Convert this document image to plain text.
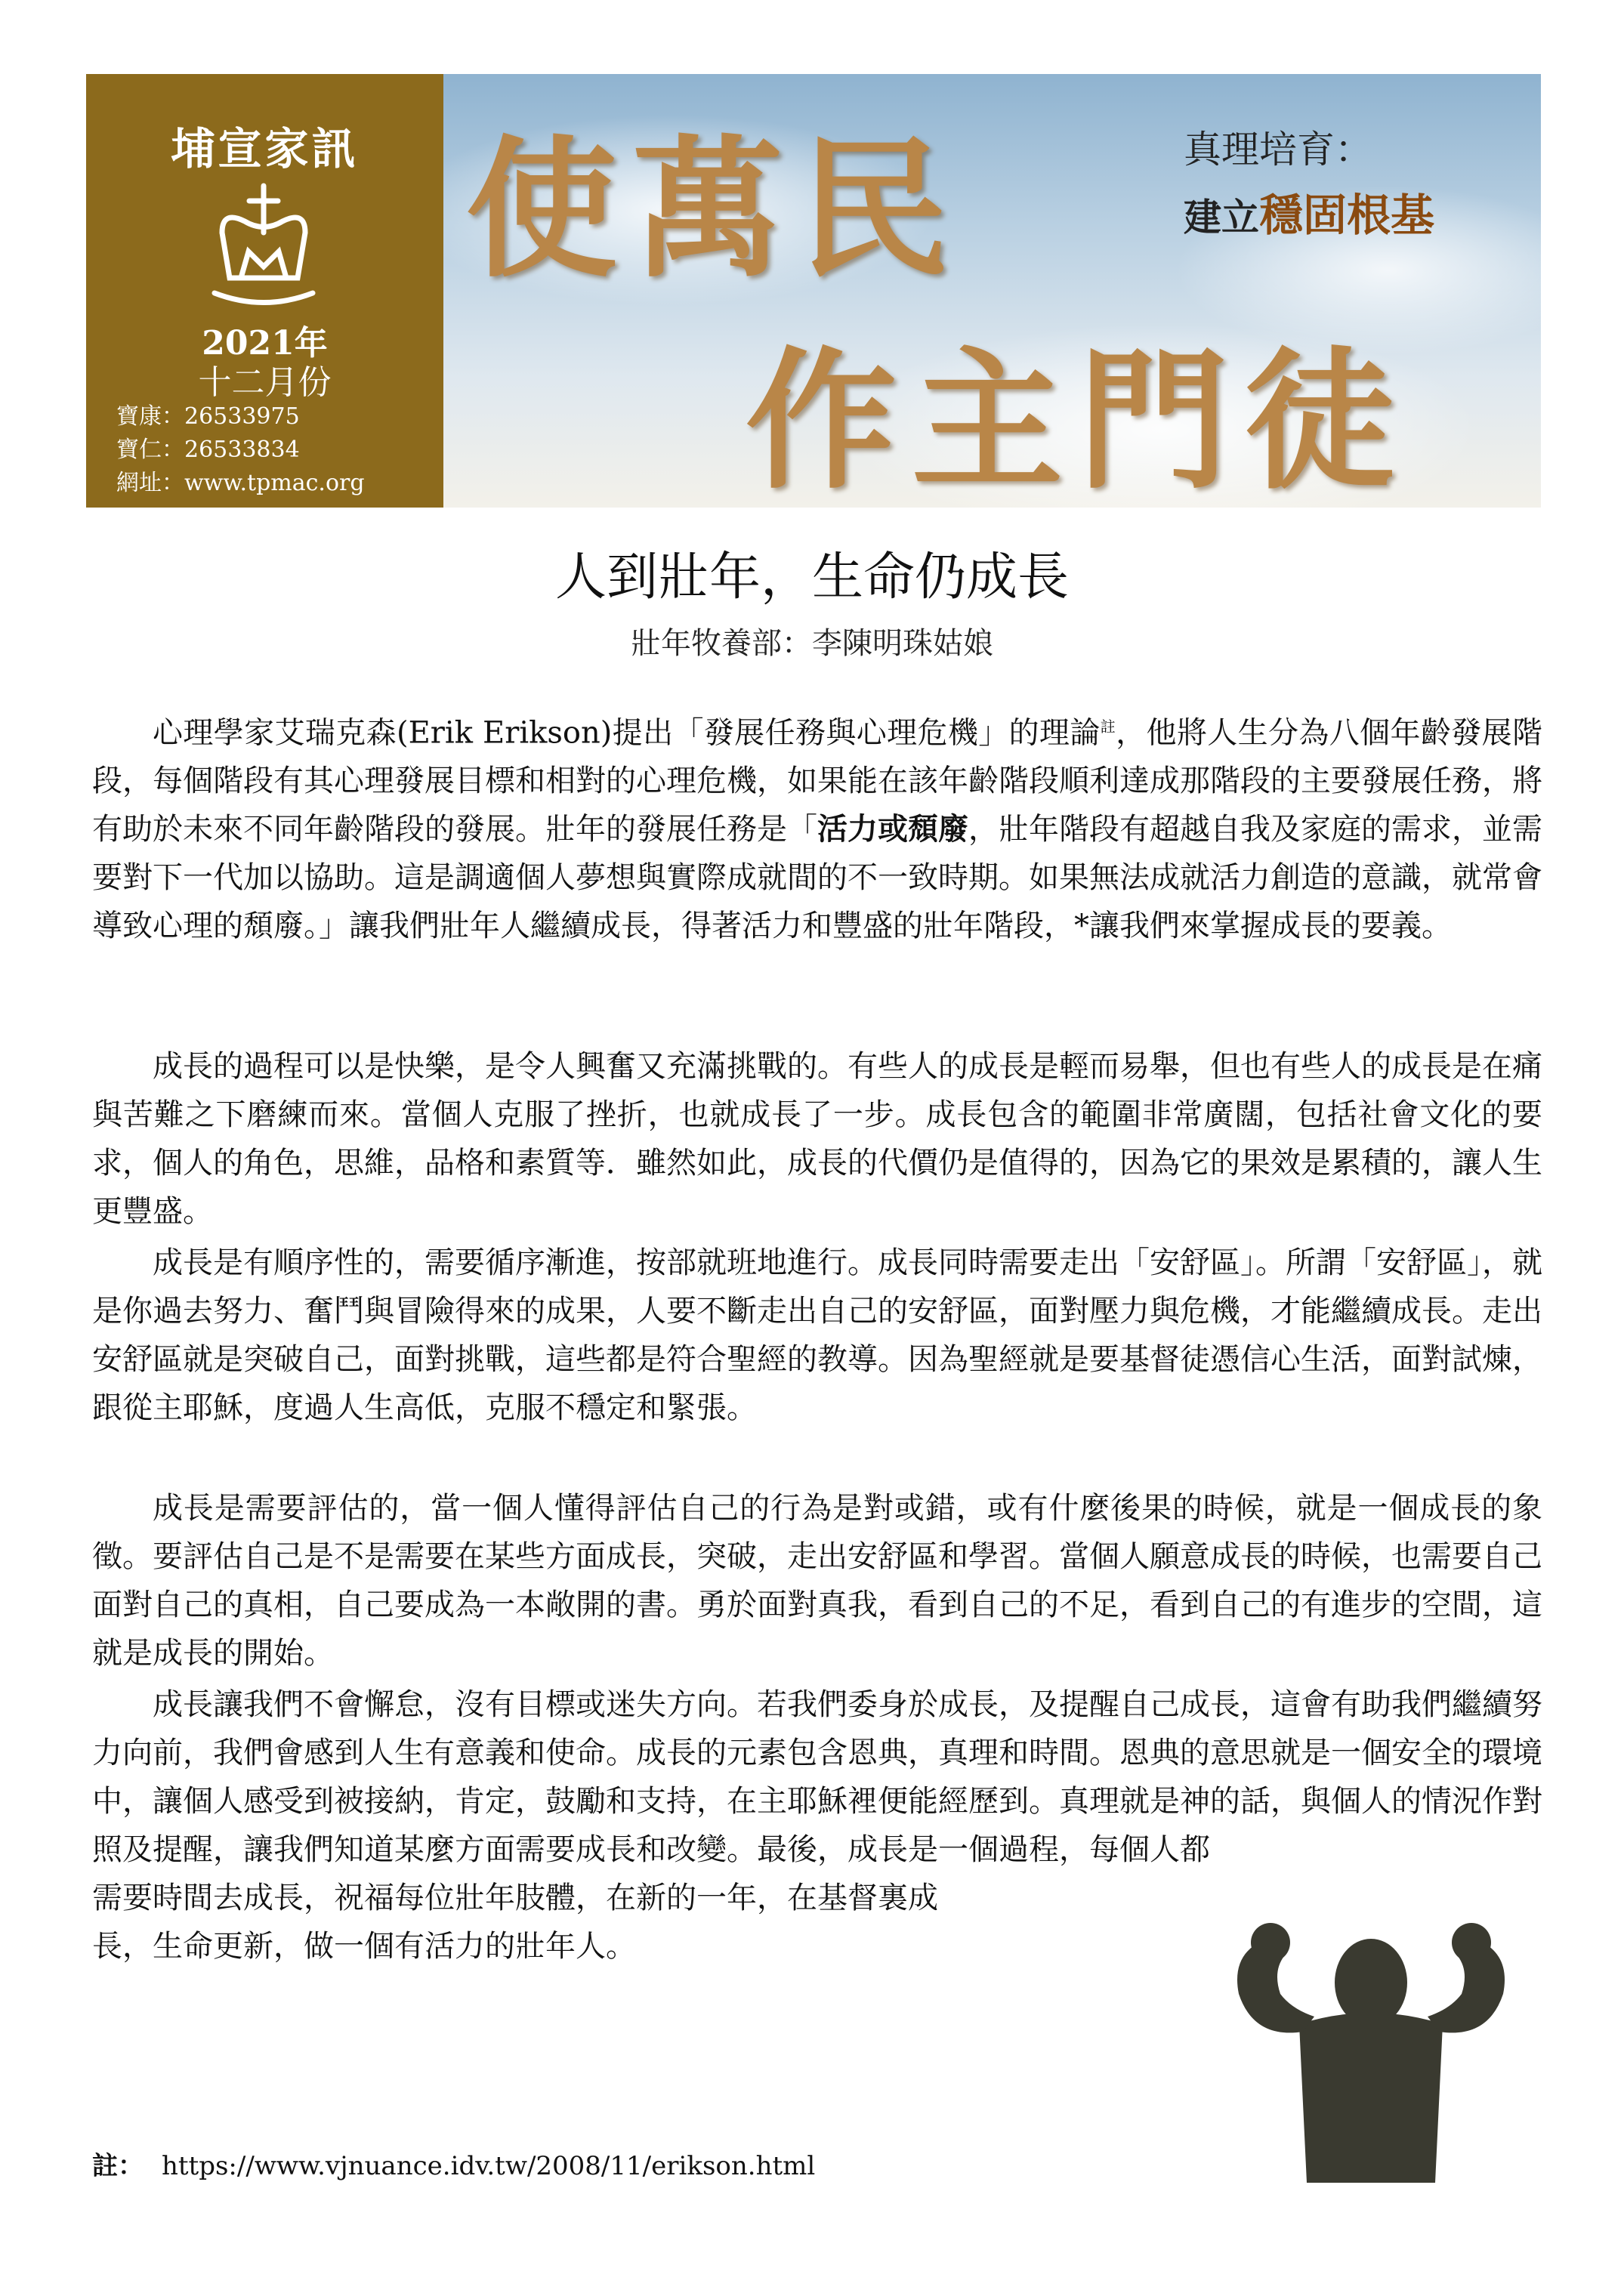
埔宣家訊
2021年
十二月份
寶康：26533975
寶仁：26533834
網址：www.tpmac.org
使萬民
作主門徒
真理培育：
建立穩固根基
人到壯年，生命仍成長
壯年牧養部：李陳明珠姑娘

心理學家艾瑞克森(Erik Erikson)提出「發展任務與心理危機」的理論$^註$，他將人生分為八個年齡發展階段，每個階段有其心理發展目標和相對的心理危機，如果能在該年齡階段順利達成那階段的主要發展任務，將有助於未來不同年齡階段的發展。壯年的發展任務是「活力或頹廢，壯年階段有超越自我及家庭的需求，並需要對下一代加以協助。這是調適個人夢想與實際成就間的不一致時期。如果無法成就活力創造的意識，就常會導致心理的頹廢。」讓我們壯年人繼續成長，得著活力和豐盛的壯年階段，*讓我們來掌握成長的要義。

成長的過程可以是快樂，是令人興奮又充滿挑戰的。有些人的成長是輕而易舉，但也有些人的成長是在痛與苦難之下磨練而來。當個人克服了挫折，也就成長了一步。成長包含的範圍非常廣闊，包括社會文化的要求，個人的角色，思維，品格和素質等．雖然如此，成長的代價仍是值得的，因為它的果效是累積的，讓人生更豐盛。

成長是有順序性的，需要循序漸進，按部就班地進行。成長同時需要走出「安舒區」。所謂「安舒區」，就是你過去努力、奮鬥與冒險得來的成果，人要不斷走出自己的安舒區，面對壓力與危機，才能繼續成長。走出安舒區就是突破自己，面對挑戰，這些都是符合聖經的教導。因為聖經就是要基督徒憑信心生活，面對試煉，跟從主耶穌，度過人生高低，克服不穩定和緊張。

成長是需要評估的，當一個人懂得評估自己的行為是對或錯，或有什麼後果的時候，就是一個成長的象徵。要評估自己是不是需要在某些方面成長，突破，走出安舒區和學習。當個人願意成長的時候，也需要自己面對自己的真相，自己要成為一本敞開的書。勇於面對真我，看到自己的不足，看到自己的有進步的空間，這就是成長的開始。

成長讓我們不會懈怠，沒有目標或迷失方向。若我們委身於成長，及提醒自己成長，這會有助我們繼續努力向前，我們會感到人生有意義和使命。成長的元素包含恩典，真理和時間。恩典的意思就是一個安全的環境中，讓個人感受到被接納，肯定，鼓勵和支持，在主耶穌裡便能經歷到。真理就是神的話，與個人的情況作對照及提醒，讓我們知道某麼方面需要成長和改變。最後，成長是一個過程，每個人都
需要時間去成長，祝福每位壯年肢體，在新的一年，在基督裏成
長，生命更新，做一個有活力的壯年人。

註： https://www.vjnuance.idv.tw/2008/11/erikson.html
